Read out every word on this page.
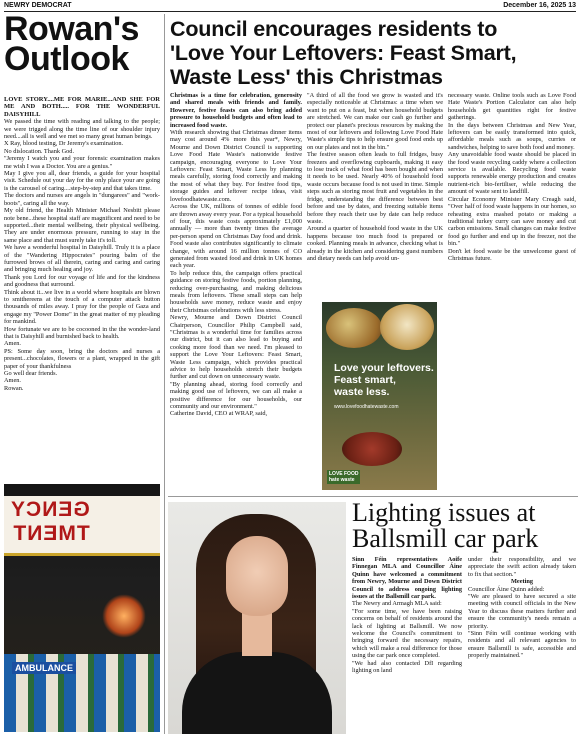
NEWRY DEMOCRAT	December 16, 2025 13
Rowan's
Outlook

LOVE STORY....ME FOR MARIE...AND SHE FOR ME AND BOTH..... FOR THE WONDERFUL DAISYHILL

We passed the time with reading and talking to the people; we were trigged along the time line of our shoulder injury need....all is well and we met so many great human beings.

X Ray, blood testing, Dr Jeremy's examination.

No dislocation. Thank God.

"Jeremy I watch you and your forensic examination makes me wish I was a Doctor. You are a genius."

May I give you all, dear friends, a guide for your hospital visit. Schedule out your day for the only place your are going is the carousel of caring....step-by-step and that takes time.

The doctors and nurses are angels in "dungarees" and "work-boots", caring all the way.

My old friend, the Health Minister Michael Nesbitt please note bene...these hospital staff are magnificent and need to be supported...their mental wellbeing, their physical wellbeing. They are under enormous pressure, running to stay in the same place and that must surely take it's toll.

We have a wonderful hospital in Daisyhill. Truly it is a place of the "Wandering Hippocrates" pouring balm of the furrowed brows of all therein, caring and caring and caring and bringing much healing and joy.

Thank you Lord for our voyage of life and for the kindness and goodness that surround.

Think about it...we live in a world where hospitals are blown to smithereens at the touch of a computer attack button thousands of miles away. I pray for the people of Gaza and engage my "Power Dome" in the great matter of my pleading for mankind.

How fortunate we are to be cocooned in the the wonder-land that is Daisyhill and burnished back to health.

Amen.

PS: Some day soon, bring the doctors and nurses a present...chocolates, flowers or a plant, wrapped in the gift paper of your thankfulness

Go well dear friends.

Amen.

Rowan.

Council encourages residents to
'Love Your Leftovers: Feast Smart,
Waste Less' this Christmas

Christmas is a time for celebration, generosity and shared meals with friends and family. However, festive feasts can also bring added pressure to household budgets and often lead to increased food waste.

With research showing that Christmas dinner items may cost around 4% more this year*, Newry, Mourne and Down District Council is supporting Love Food Hate Waste's nationwide festive campaign, encouraging everyone to Love Your Leftovers: Feast Smart, Waste Less by planning meals carefully, storing food correctly and making the most of what they buy. For festive food tips, storage guides and leftover recipe ideas, visit lovefoodhatewaste.com.

Across the UK, millions of tonnes of edible food are thrown away every year. For a typical household of four, this waste costs approximately £1,000 annually — more than twenty times the average per-person spend on Christmas Day food and drink. Food waste also contributes significantly to climate change, with around 16 million tonnes of CO generated from wasted food and drink in UK homes each year.

To help reduce this, the campaign offers practical guidance on storing festive foods, portion planning, reducing over-purchasing, and making delicious meals from leftovers. These small steps can help households save money, reduce waste and enjoy their Christmas celebrations with less stress.

Newry, Mourne and Down District Council Chairperson, Councillor Philip Campbell said, "Christmas is a wonderful time for families across our district, but it can also lead to buying and cooking more food than we need. I'm pleased to support the Love Your Leftovers: Feast Smart, Waste Less campaign, which provides practical advice to help households stretch their budgets further and cut down on unnecessary waste.

"By planning ahead, storing food correctly and making good use of leftovers, we can all make a positive difference for our households, our community and our environment."

Catherine David, CEO at WRAP, said,

"A third of all the food we grow is wasted and it's especially noticeable at Christmas: a time when we want to put on a feast, but when household budgets are stretched. We can make our cash go further and protect our planet's precious resources by making the most of our leftovers and following Love Food Hate Waste's simple tips to help ensure good food ends up on our plates and not in the bin."

The festive season often leads to full fridges, busy freezers and overflowing cupboards, making it easy to lose track of what food has been bought and when it needs to be used. Nearly 40% of household food waste occurs because food is not used in time. Simple steps such as storing most fruit and vegetables in the fridge, understanding the difference between best before and use by dates, and freezing suitable items before they reach their use by date can help reduce waste.

Around a quarter of household food waste in the UK happens because too much food is prepared or cooked. Planning meals in advance, checking what is already in the kitchen and considering guest numbers and dietary needs can help avoid un-

necessary waste. Online tools such as Love Food Hate Waste's Portion Calculator can also help households get quantities right for festive gatherings.

In the days between Christmas and New Year, leftovers can be easily transformed into quick, affordable meals such as soups, curries or sandwiches, helping to save both food and money.

Any unavoidable food waste should be placed in the food waste recycling caddy where a collection service is available. Recycling food waste supports renewable energy production and creates nutrient-rich bio-fertiliser, while reducing the amount of waste sent to landfill.

Circular Economy Minister Mary Creagh said, "Over half of food waste happens in our homes, so reheating extra mashed potato or making a traditional turkey curry can save money and cut carbon emissions. Small changes can make festive food go further and end up in the freezer, not the bin."

Don't let food waste be the unwelcome guest of Christmas future.

Love your leftovers.
Feast smart,
waste less.
www.lovefoodhatewaste.com
LOVE FOOD
hate waste
GENCY
TMENT
AMBULANCE
Lighting issues at
Ballsmill car park

Sinn Féin representatives Aoife Finnegan MLA and Councillor Áine Quinn have welcomed a commitment from Newry, Mourne and Down District Council to address ongoing lighting issues at the Ballsmill car park.

The Newry and Armagh MLA said:

"For some time, we have been raising concerns on behalf of residents around the lack of lighting at Ballsmill. We now welcome the Council's commitment to bringing forward the necessary repairs, which will make a real difference for those using the car park once completed.

"We had also contacted DfI regarding lighting on land

under their responsibility, and we appreciate the swift action already taken to fix that section."

Meeting

Councillor Áine Quinn added:

"We are pleased to have secured a site meeting with council officials in the New Year to discuss these matters further and ensure the community's needs remain a priority.

"Sinn Féin will continue working with residents and all relevant agencies to ensure Ballsmill is safe, accessible and properly maintained."
